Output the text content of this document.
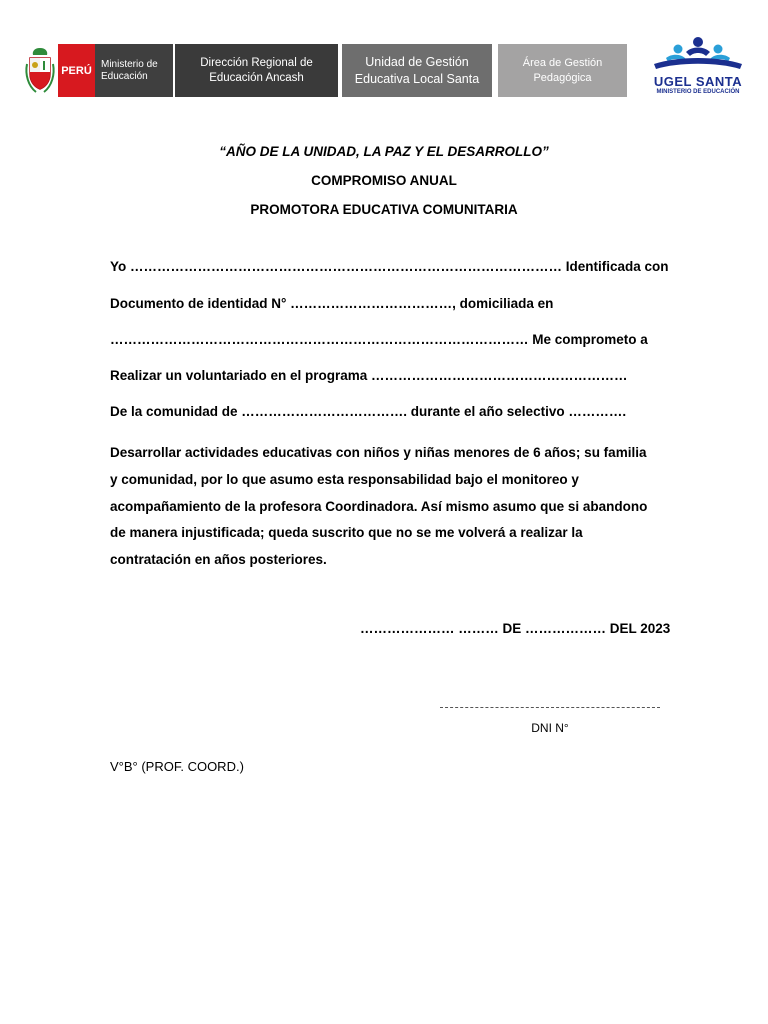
PERÚ
Ministerio de Educación
Dirección Regional de Educación Ancash
Unidad de Gestión Educativa Local Santa
Área de Gestión Pedagógica	UGEL SANTA
MINISTERIO DE EDUCACIÓN
“AÑO DE LA UNIDAD, LA PAZ Y EL DESARROLLO”
COMPROMISO ANUAL
PROMOTORA EDUCATIVA COMUNITARIA
Yo …………………………………………………………………………………… Identificada con
Documento de identidad N° ………………………………, domiciliada en
………………………………………………………………………………… Me comprometo a
Realizar un voluntariado en el programa …………………………………………………
De la comunidad de ………………………………. durante el año selectivo ………….
Desarrollar actividades educativas con niños y niñas menores de 6 años; su familia y comunidad, por lo que asumo esta responsabilidad bajo el monitoreo y acompañamiento de la profesora Coordinadora. Así mismo asumo que si abandono de manera injustificada; queda suscrito que no se me volverá a realizar la contratación en años posteriores.
………………… ……… DE ……………… DEL 2023
DNI N°
V°B° (PROF. COORD.)
